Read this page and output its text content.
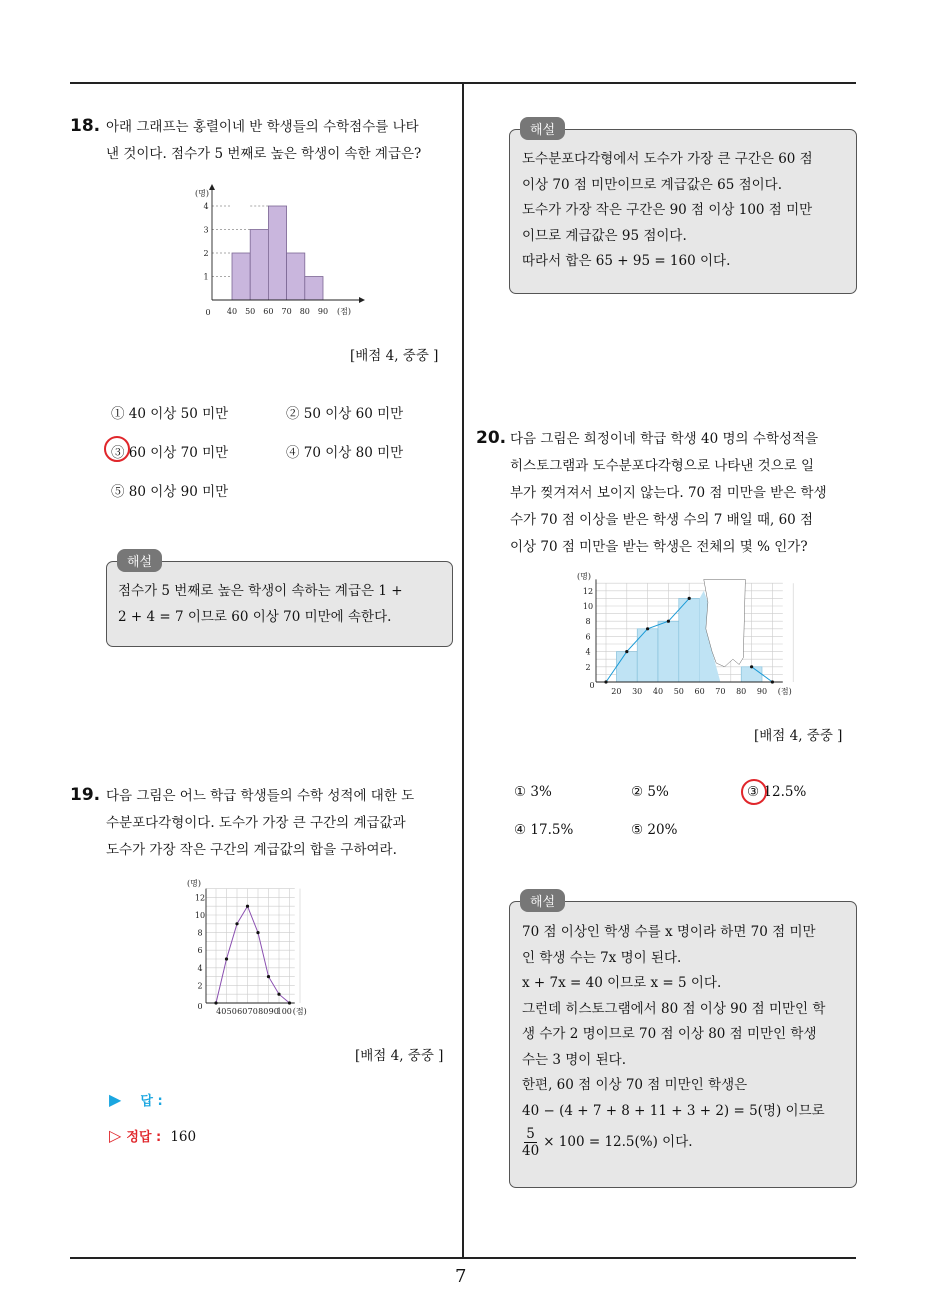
7
18. 아래 그래프는 홍렬이네 반 학생들의 수학점수를 나타
낸 것이다. 점수가 5 번째로 높은 학생이 속한 계급은?
1
2
3
4
40 50 60 70 80 90
0
(명)
(점)
[배점 4, 중중 ]
① 40 이상 50 미만	② 50 이상 60 미만
③ 60 이상 70 미만	④ 70 이상 80 미만
⑤ 80 이상 90 미만
해설
점수가 5 번째로 높은 학생이 속하는 계급은 1 +
2 + 4 = 7 이므로 60 이상 70 미만에 속한다.
19. 다음 그림은 어느 학급 학생들의 수학 성적에 대한 도
수분포다각형이다. 도수가 가장 큰 구간의 계급값과
도수가 가장 작은 구간의 계급값의 합을 구하여라.
2
4
6
8
10
12
40 50 60 70 80 90
100
0
(명)
(점)
[배점 4, 중중 ]
▶ 답 :
▷ 정답 : 160
해설
도수분포다각형에서 도수가 가장 큰 구간은 60 점
이상 70 점 미만이므로 계급값은 65 점이다.
도수가 가장 작은 구간은 90 점 이상 100 점 미만
이므로 계급값은 95 점이다.
따라서 합은 65 + 95 = 160 이다.
20. 다음 그림은 희정이네 학급 학생 40 명의 수학성적을
히스토그램과 도수분포다각형으로 나타낸 것으로 일
부가 찢겨져서 보이지 않는다. 70 점 미만을 받은 학생
수가 70 점 이상을 받은 학생 수의 7 배일 때, 60 점
이상 70 점 미만을 받는 학생은 전체의 몇 % 인가?
2
4
6
8
10
12
20 30 40 50 60 70 80 90
0
(명)
(점)
[배점 4, 중중 ]
① 3%	② 5%	③ 12.5%
④ 17.5%	⑤ 20%
해설
70 점 이상인 학생 수를 x 명이라 하면 70 점 미만
인 학생 수는 7x 명이 된다.
x + 7x = 40 이므로 x = 5 이다.
그런데 히스토그램에서 80 점 이상 90 점 미만인 학
생 수가 2 명이므로 70 점 이상 80 점 미만인 학생
수는 3 명이 된다.
한편, 60 점 이상 70 점 미만인 학생은
40 − (4 + 7 + 8 + 11 + 3 + 2) = 5(명) 이므로
$\frac{5}{40} \times 100 = 12.5(\%)$ 이다.
